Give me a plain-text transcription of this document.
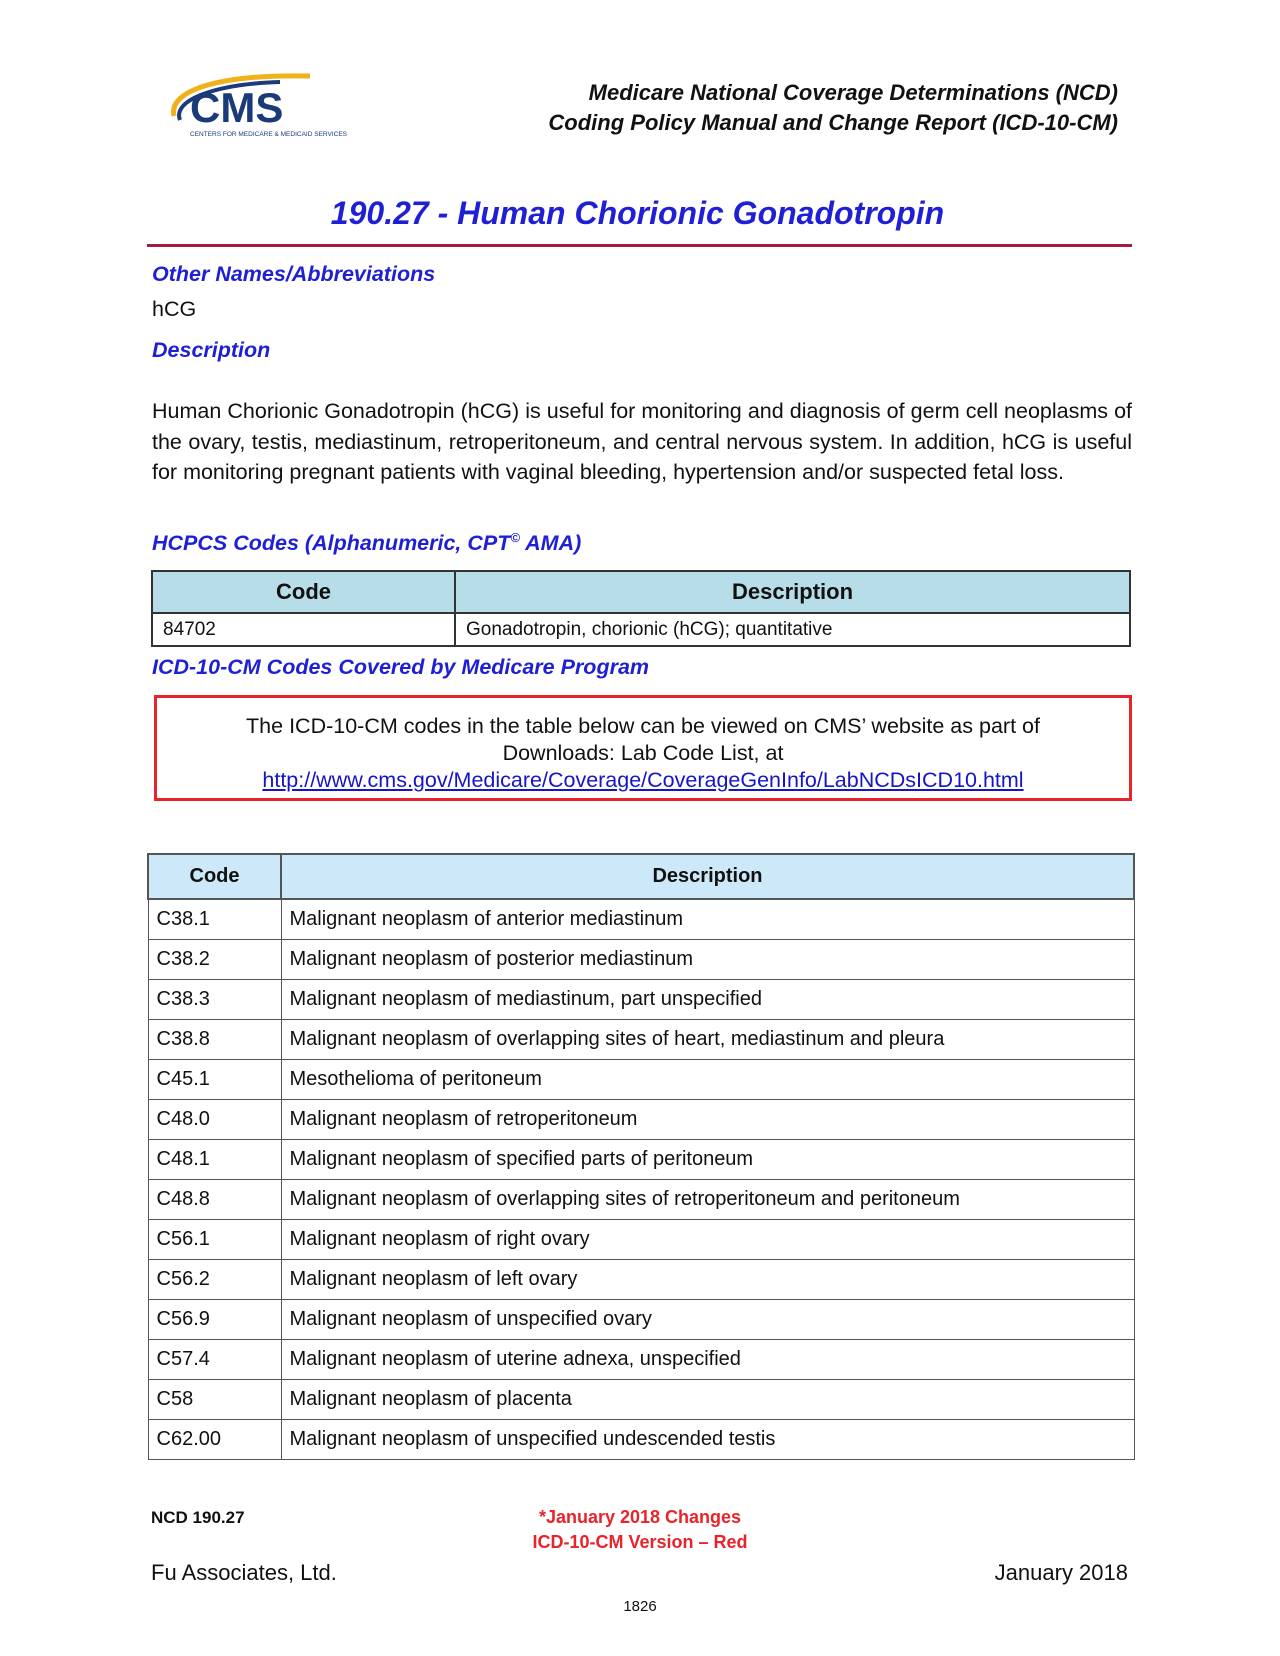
CMS
CENTERS FOR MEDICARE & MEDICAID SERVICES
Medicare National Coverage Determinations (NCD)
Coding Policy Manual and Change Report (ICD-10-CM)
190.27 - Human Chorionic Gonadotropin
Other Names/Abbreviations
hCG
Description
Human Chorionic Gonadotropin (hCG) is useful for monitoring and diagnosis of germ cell neoplasms of the ovary, testis, mediastinum, retroperitoneum, and central nervous system. In addition, hCG is useful for monitoring pregnant patients with vaginal bleeding, hypertension and/or suspected fetal loss.
HCPCS Codes (Alphanumeric, CPT© AMA)
Code	Description
84702	Gonadotropin, chorionic (hCG); quantitative
ICD-10-CM Codes Covered by Medicare Program
The ICD-10-CM codes in the table below can be viewed on CMS’ website as part of
Downloads: Lab Code List, at
http://www.cms.gov/Medicare/Coverage/CoverageGenInfo/LabNCDsICD10.html
Code	Description
C38.1	Malignant neoplasm of anterior mediastinum
C38.2	Malignant neoplasm of posterior mediastinum
C38.3	Malignant neoplasm of mediastinum, part unspecified
C38.8	Malignant neoplasm of overlapping sites of heart, mediastinum and pleura
C45.1	Mesothelioma of peritoneum
C48.0	Malignant neoplasm of retroperitoneum
C48.1	Malignant neoplasm of specified parts of peritoneum
C48.8	Malignant neoplasm of overlapping sites of retroperitoneum and peritoneum
C56.1	Malignant neoplasm of right ovary
C56.2	Malignant neoplasm of left ovary
C56.9	Malignant neoplasm of unspecified ovary
C57.4	Malignant neoplasm of uterine adnexa, unspecified
C58	Malignant neoplasm of placenta
C62.00	Malignant neoplasm of unspecified undescended testis
NCD 190.27	*January 2018 Changes
ICD-10-CM Version – Red
Fu Associates, Ltd.	January 2018
1826
